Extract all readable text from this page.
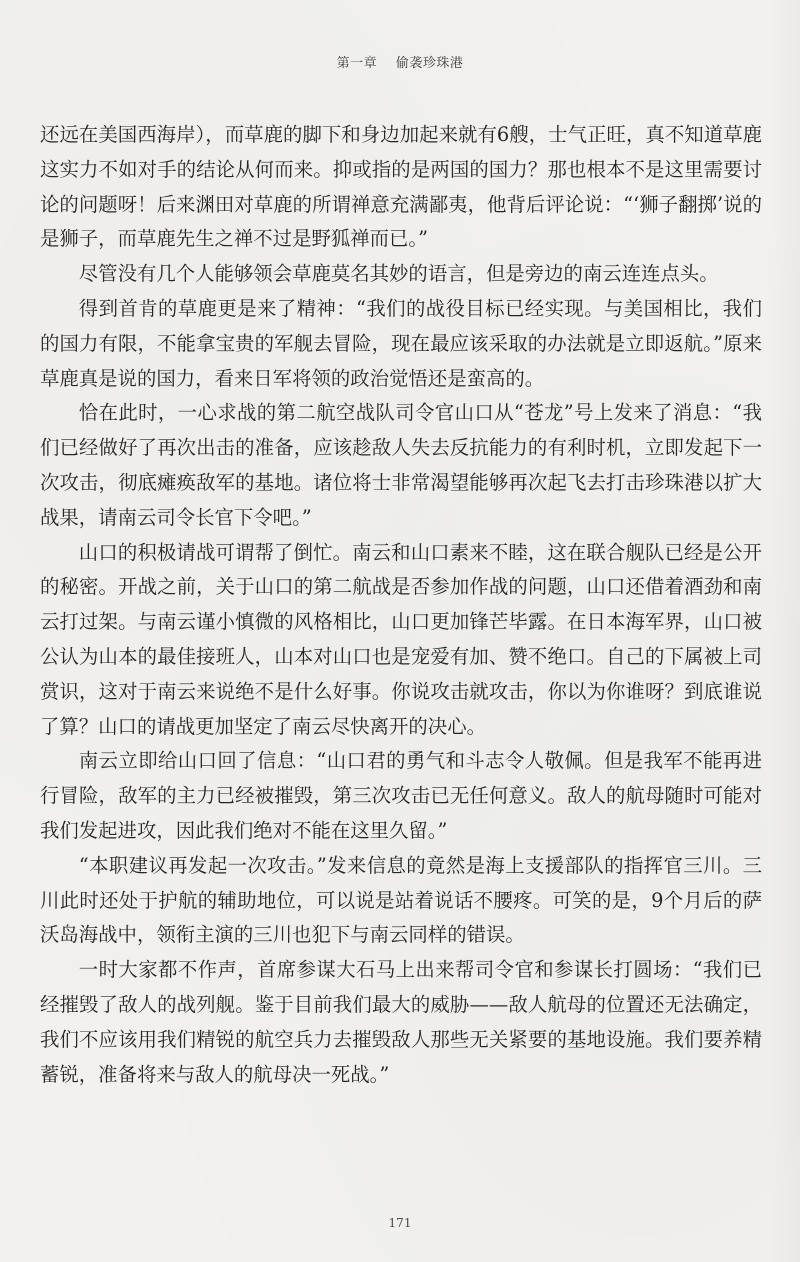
第一章 偷袭珍珠港

还远在美国西海岸），而草鹿的脚下和身边加起来就有6艘，士气正旺，真不知道草鹿这实力不如对手的结论从何而来。抑或指的是两国的国力？那也根本不是这里需要讨论的问题呀！后来渊田对草鹿的所谓禅意充满鄙夷，他背后评论说：“‘狮子翻掷’说的是狮子，而草鹿先生之禅不过是野狐禅而已。”

尽管没有几个人能够领会草鹿莫名其妙的语言，但是旁边的南云连连点头。

得到首肯的草鹿更是来了精神：“我们的战役目标已经实现。与美国相比，我们的国力有限，不能拿宝贵的军舰去冒险，现在最应该采取的办法就是立即返航。”原来草鹿真是说的国力，看来日军将领的政治觉悟还是蛮高的。

恰在此时，一心求战的第二航空战队司令官山口从“苍龙”号上发来了消息：“我们已经做好了再次出击的准备，应该趁敌人失去反抗能力的有利时机，立即发起下一次攻击，彻底瘫痪敌军的基地。诸位将士非常渴望能够再次起飞去打击珍珠港以扩大战果，请南云司令长官下令吧。”

山口的积极请战可谓帮了倒忙。南云和山口素来不睦，这在联合舰队已经是公开的秘密。开战之前，关于山口的第二航战是否参加作战的问题，山口还借着酒劲和南云打过架。与南云谨小慎微的风格相比，山口更加锋芒毕露。在日本海军界，山口被公认为山本的最佳接班人，山本对山口也是宠爱有加、赞不绝口。自己的下属被上司赏识，这对于南云来说绝不是什么好事。你说攻击就攻击，你以为你谁呀？到底谁说了算？山口的请战更加坚定了南云尽快离开的决心。

南云立即给山口回了信息：“山口君的勇气和斗志令人敬佩。但是我军不能再进行冒险，敌军的主力已经被摧毁，第三次攻击已无任何意义。敌人的航母随时可能对我们发起进攻，因此我们绝对不能在这里久留。”

“本职建议再发起一次攻击。”发来信息的竟然是海上支援部队的指挥官三川。三川此时还处于护航的辅助地位，可以说是站着说话不腰疼。可笑的是，9个月后的萨沃岛海战中，领衔主演的三川也犯下与南云同样的错误。

一时大家都不作声，首席参谋大石马上出来帮司令官和参谋长打圆场：“我们已经摧毁了敌人的战列舰。鉴于目前我们最大的威胁——敌人航母的位置还无法确定，我们不应该用我们精锐的航空兵力去摧毁敌人那些无关紧要的基地设施。我们要养精蓄锐，准备将来与敌人的航母决一死战。”

171
